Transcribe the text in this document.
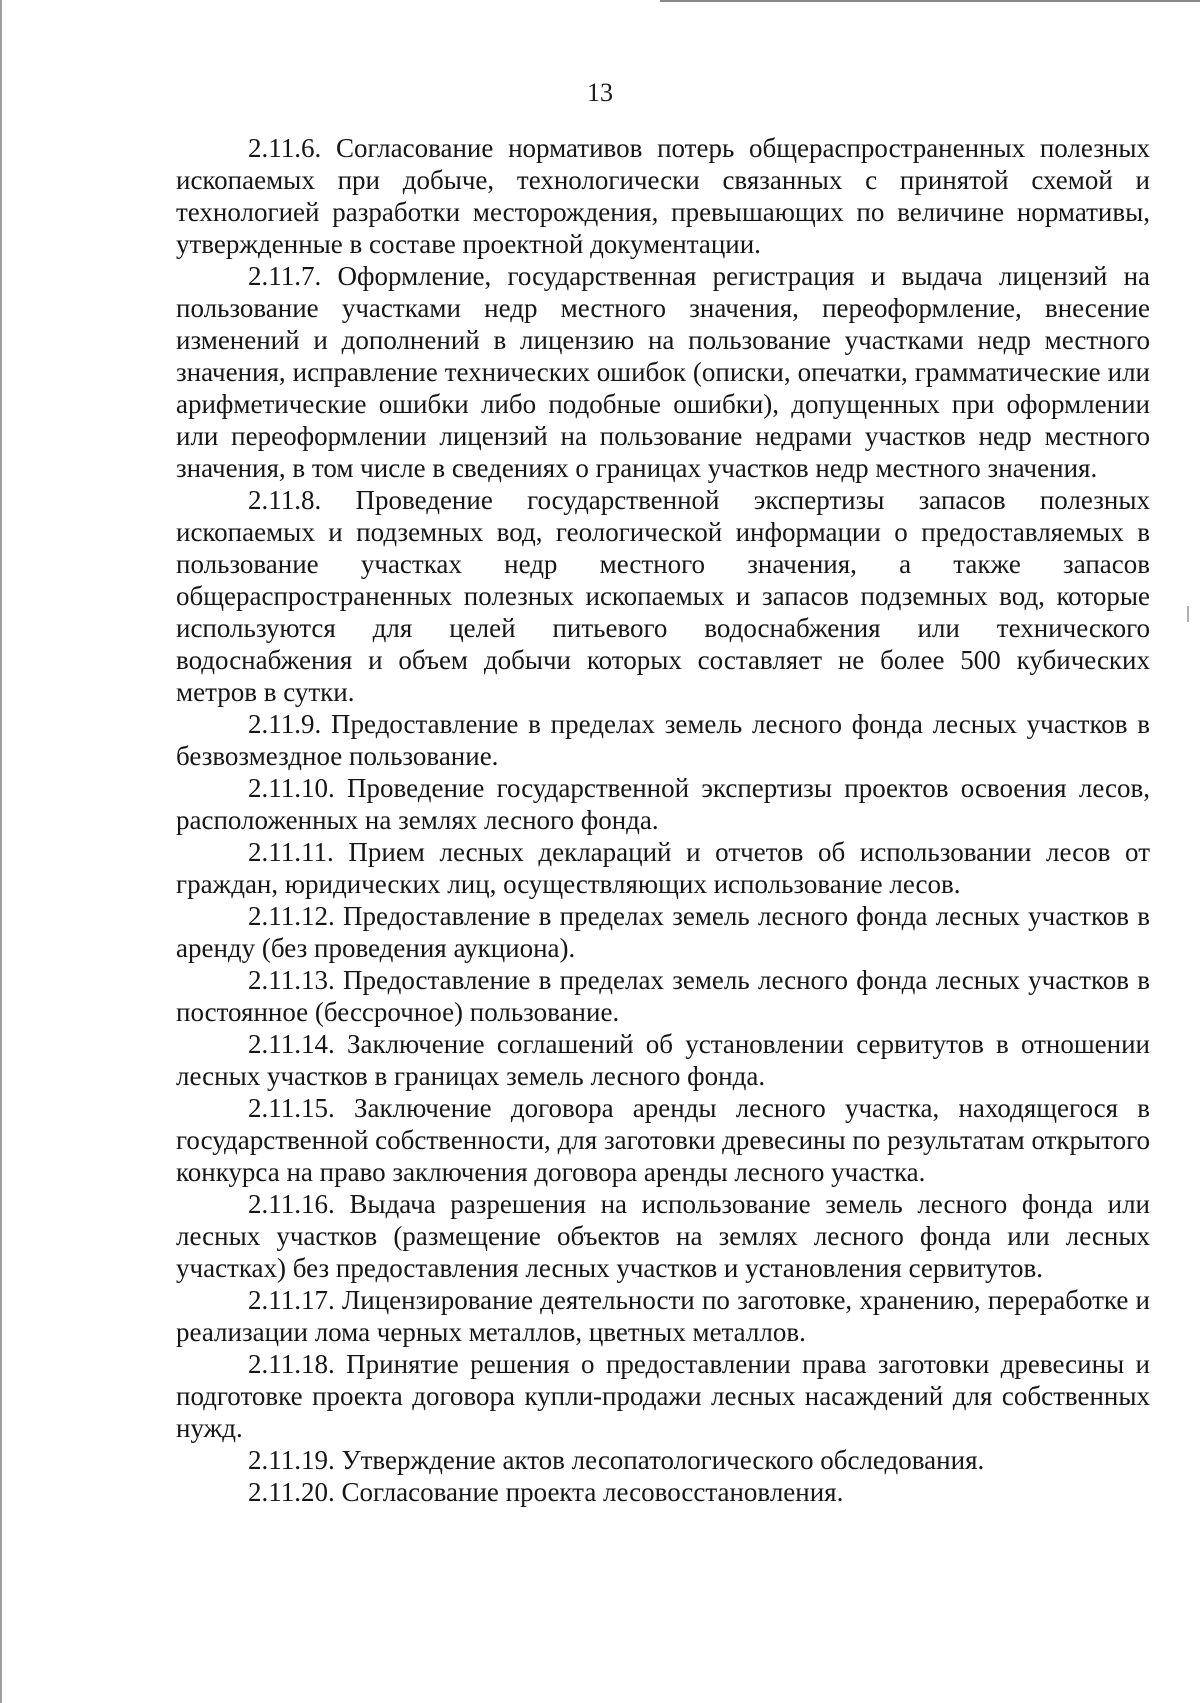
13

2.11.6. Согласование нормативов потерь общераспространенных полезных ископаемых при добыче, технологически связанных с принятой схемой и технологией разработки месторождения, превышающих по величине нормативы, утвержденные в составе проектной документации.

2.11.7. Оформление, государственная регистрация и выдача лицензий на пользование участками недр местного значения, переоформление, внесение изменений и дополнений в лицензию на пользование участками недр местного значения, исправление технических ошибок (описки, опечатки, грамматические или арифметические ошибки либо подобные ошибки), допущенных при оформлении или переоформлении лицензий на пользование недрами участков недр местного значения, в том числе в сведениях о границах участков недр местного значения.

2.11.8. Проведение государственной экспертизы запасов полезных ископаемых и подземных вод, геологической информации о предоставляемых в пользование участках недр местного значения, а также запасов общераспространенных полезных ископаемых и запасов подземных вод, которые используются для целей питьевого водоснабжения или технического водоснабжения и объем добычи которых составляет не более 500 кубических метров в сутки.

2.11.9. Предоставление в пределах земель лесного фонда лесных участков в безвозмездное пользование.

2.11.10. Проведение государственной экспертизы проектов освоения лесов, расположенных на землях лесного фонда.

2.11.11. Прием лесных деклараций и отчетов об использовании лесов от граждан, юридических лиц, осуществляющих использование лесов.

2.11.12. Предоставление в пределах земель лесного фонда лесных участков в аренду (без проведения аукциона).

2.11.13. Предоставление в пределах земель лесного фонда лесных участков в постоянное (бессрочное) пользование.

2.11.14. Заключение соглашений об установлении сервитутов в отношении лесных участков в границах земель лесного фонда.

2.11.15. Заключение договора аренды лесного участка, находящегося в государственной собственности, для заготовки древесины по результатам открытого конкурса на право заключения договора аренды лесного участка.

2.11.16. Выдача разрешения на использование земель лесного фонда или лесных участков (размещение объектов на землях лесного фонда или лесных участках) без предоставления лесных участков и установления сервитутов.

2.11.17. Лицензирование деятельности по заготовке, хранению, переработке и реализации лома черных металлов, цветных металлов.

2.11.18. Принятие решения о предоставлении права заготовки древесины и подготовке проекта договора купли-продажи лесных насаждений для собственных нужд.

2.11.19. Утверждение актов лесопатологического обследования.

2.11.20. Согласование проекта лесовосстановления.
